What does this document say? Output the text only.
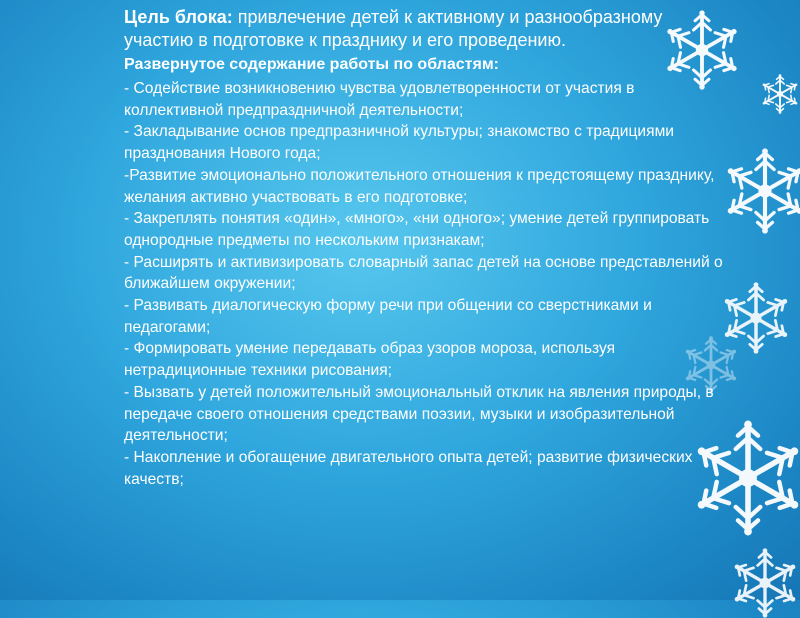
Цель блока: привлечение детей к активному и разнообразному участию в подготовке к празднику и его проведению.

Развернутое содержание работы по областям:
- Содействие возникновению чувства удовлетворенности от участия в коллективной предпраздничной деятельности;
- Закладывание основ предпразничной культуры; знакомство с традициями празднования Нового года;
-Развитие эмоционально положительного отношения к предстоящему празднику, желания активно участвовать в его подготовке;
- Закреплять понятия «один», «много», «ни одного»; умение детей группировать однородные предметы по нескольким признакам;
- Расширять и активизировать словарный запас детей на основе представлений о ближайшем окружении;
- Развивать диалогическую форму речи при общении со сверстниками и педагогами;
- Формировать умение передавать образ узоров мороза, используя нетрадиционные техники рисования;
- Вызвать у детей положительный эмоциональный отклик на явления природы, в передаче своего отношения средствами поэзии, музыки и изобразительной деятельности;
- Накопление и обогащение двигательного опыта детей; развитие физических качеств;
